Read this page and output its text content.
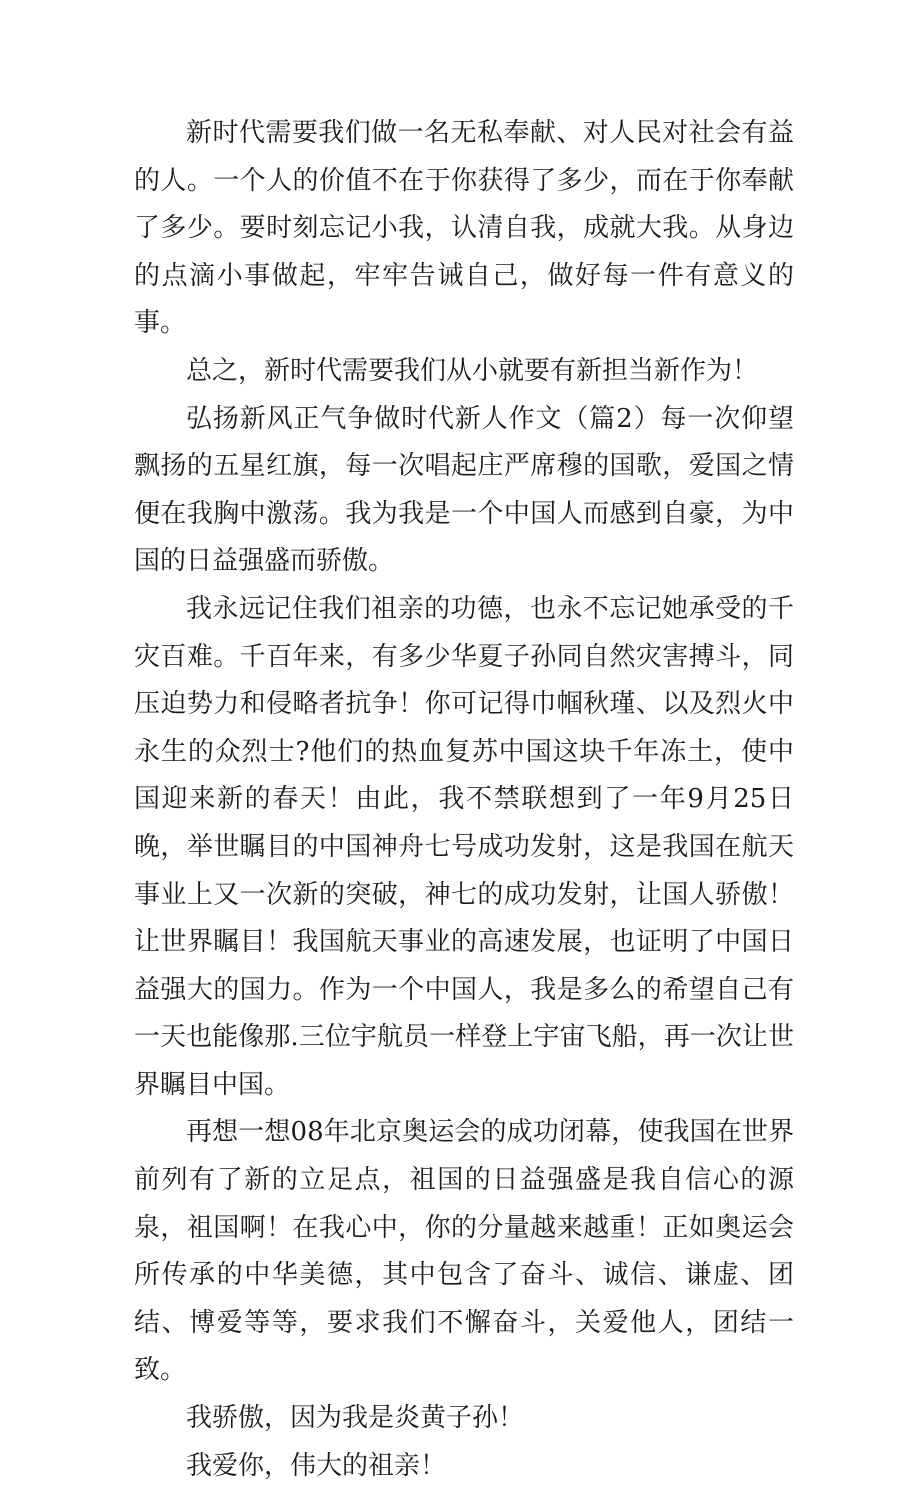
新时代需要我们做一名无私奉献、对人民对社会有益的人。一个人的价值不在于你获得了多少，而在于你奉献了多少。要时刻忘记小我，认清自我，成就大我。从身边的点滴小事做起，牢牢告诫自己，做好每一件有意义的事。

总之，新时代需要我们从小就要有新担当新作为！

弘扬新风正气争做时代新人作文（篇2）每一次仰望飘扬的五星红旗，每一次唱起庄严席穆的国歌，爱国之情便在我胸中激荡。我为我是一个中国人而感到自豪，为中国的日益强盛而骄傲。

我永远记住我们祖亲的功德，也永不忘记她承受的千灾百难。千百年来，有多少华夏子孙同自然灾害搏斗，同压迫势力和侵略者抗争！你可记得巾帼秋瑾、以及烈火中永生的众烈士?他们的热血复苏中国这块千年冻土，使中国迎来新的春天！由此，我不禁联想到了一年9月25日晚，举世瞩目的中国神舟七号成功发射，这是我国在航天事业上又一次新的突破，神七的成功发射，让国人骄傲！让世界瞩目！我国航天事业的高速发展，也证明了中国日益强大的国力。作为一个中国人，我是多么的希望自己有一天也能像那.三位宇航员一样登上宇宙飞船，再一次让世界瞩目中国。

再想一想08年北京奥运会的成功闭幕，使我国在世界前列有了新的立足点，祖国的日益强盛是我自信心的源泉，祖国啊！在我心中，你的分量越来越重！正如奥运会所传承的中华美德，其中包含了奋斗、诚信、谦虚、团结、博爱等等，要求我们不懈奋斗，关爱他人，团结一致。

我骄傲，因为我是炎黄子孙！

我爱你，伟大的祖亲！
